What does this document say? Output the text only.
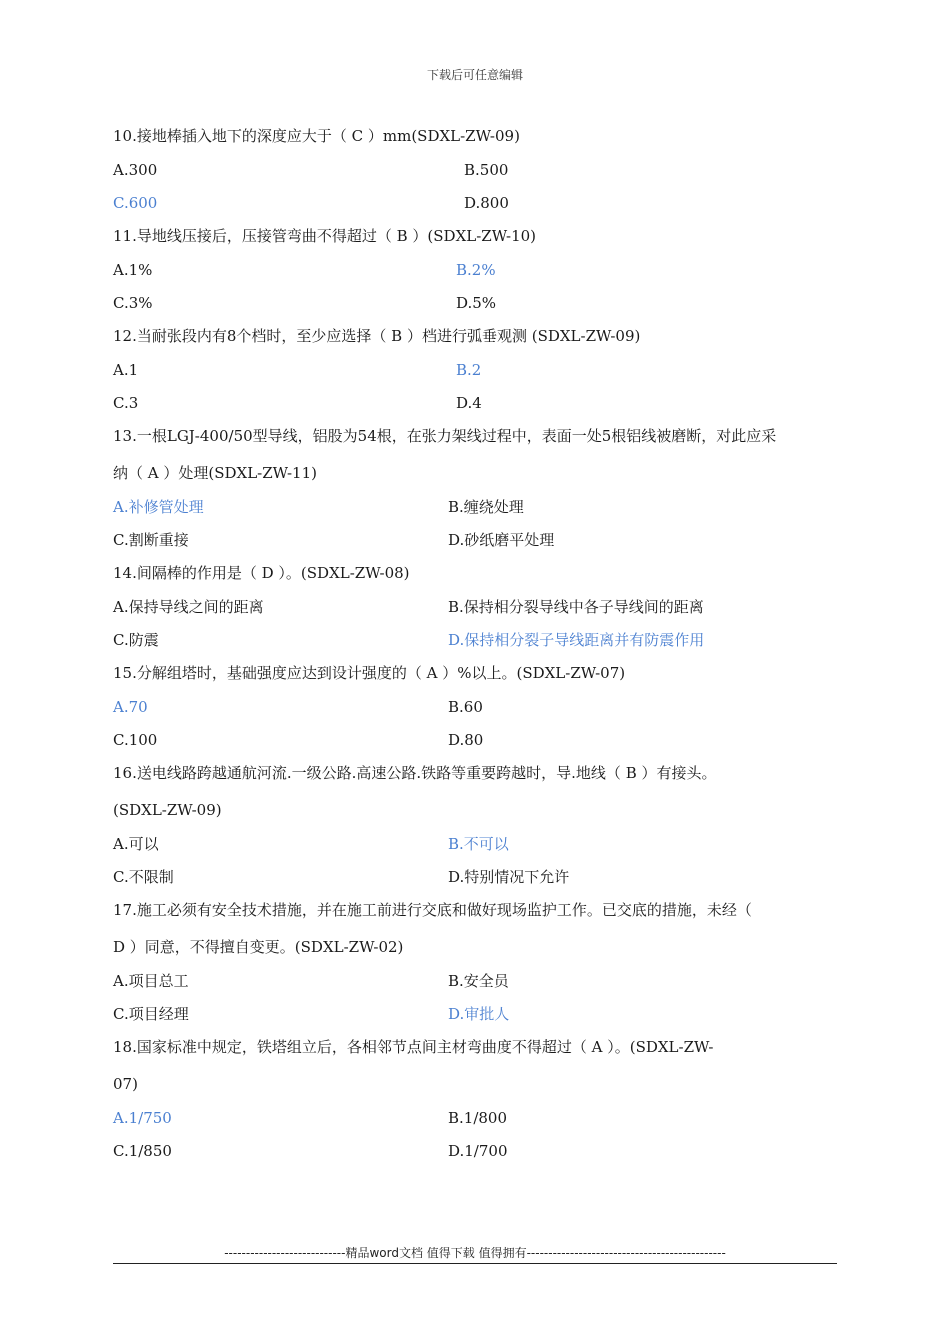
下载后可任意编辑
10.接地棒插入地下的深度应大于（ C ）mm(SDXL-ZW-09)
A.300	B.500
C.600	D.800
11.导地线压接后，压接管弯曲不得超过（ B ）(SDXL-ZW-10)
A.1%	B.2%
C.3%	D.5%
12.当耐张段内有8个档时，至少应选择（ B ）档进行弧垂观测 (SDXL-ZW-09)
A.1	B.2
C.3	D.4
13.一根LGJ-400/50型导线，铝股为54根，在张力架线过程中，表面一处5根铝线被磨断，对此应采
纳（ A ）处理(SDXL-ZW-11)
A.补修管处理	B.缠绕处理
C.割断重接	D.砂纸磨平处理
14.间隔棒的作用是（ D ）。(SDXL-ZW-08)
A.保持导线之间的距离	B.保持相分裂导线中各子导线间的距离
C.防震	D.保持相分裂子导线距离并有防震作用
15.分解组塔时，基础强度应达到设计强度的（ A ）%以上。(SDXL-ZW-07)
A.70	B.60
C.100	D.80
16.送电线路跨越通航河流.一级公路.高速公路.铁路等重要跨越时，导.地线（ B ）有接头。
(SDXL-ZW-09)
A.可以	B.不可以
C.不限制	D.特别情况下允许
17.施工必须有安全技术措施，并在施工前进行交底和做好现场监护工作。已交底的措施，未经（
D ）同意，不得擅自变更。(SDXL-ZW-02)
A.项目总工	B.安全员
C.项目经理	D.审批人
18.国家标准中规定，铁塔组立后，各相邻节点间主材弯曲度不得超过（ A ）。(SDXL-ZW-
07)
A.1/750	B.1/800
C.1/850	D.1/700
----------------------------精品word文档 值得下载 值得拥有----------------------------------------------
